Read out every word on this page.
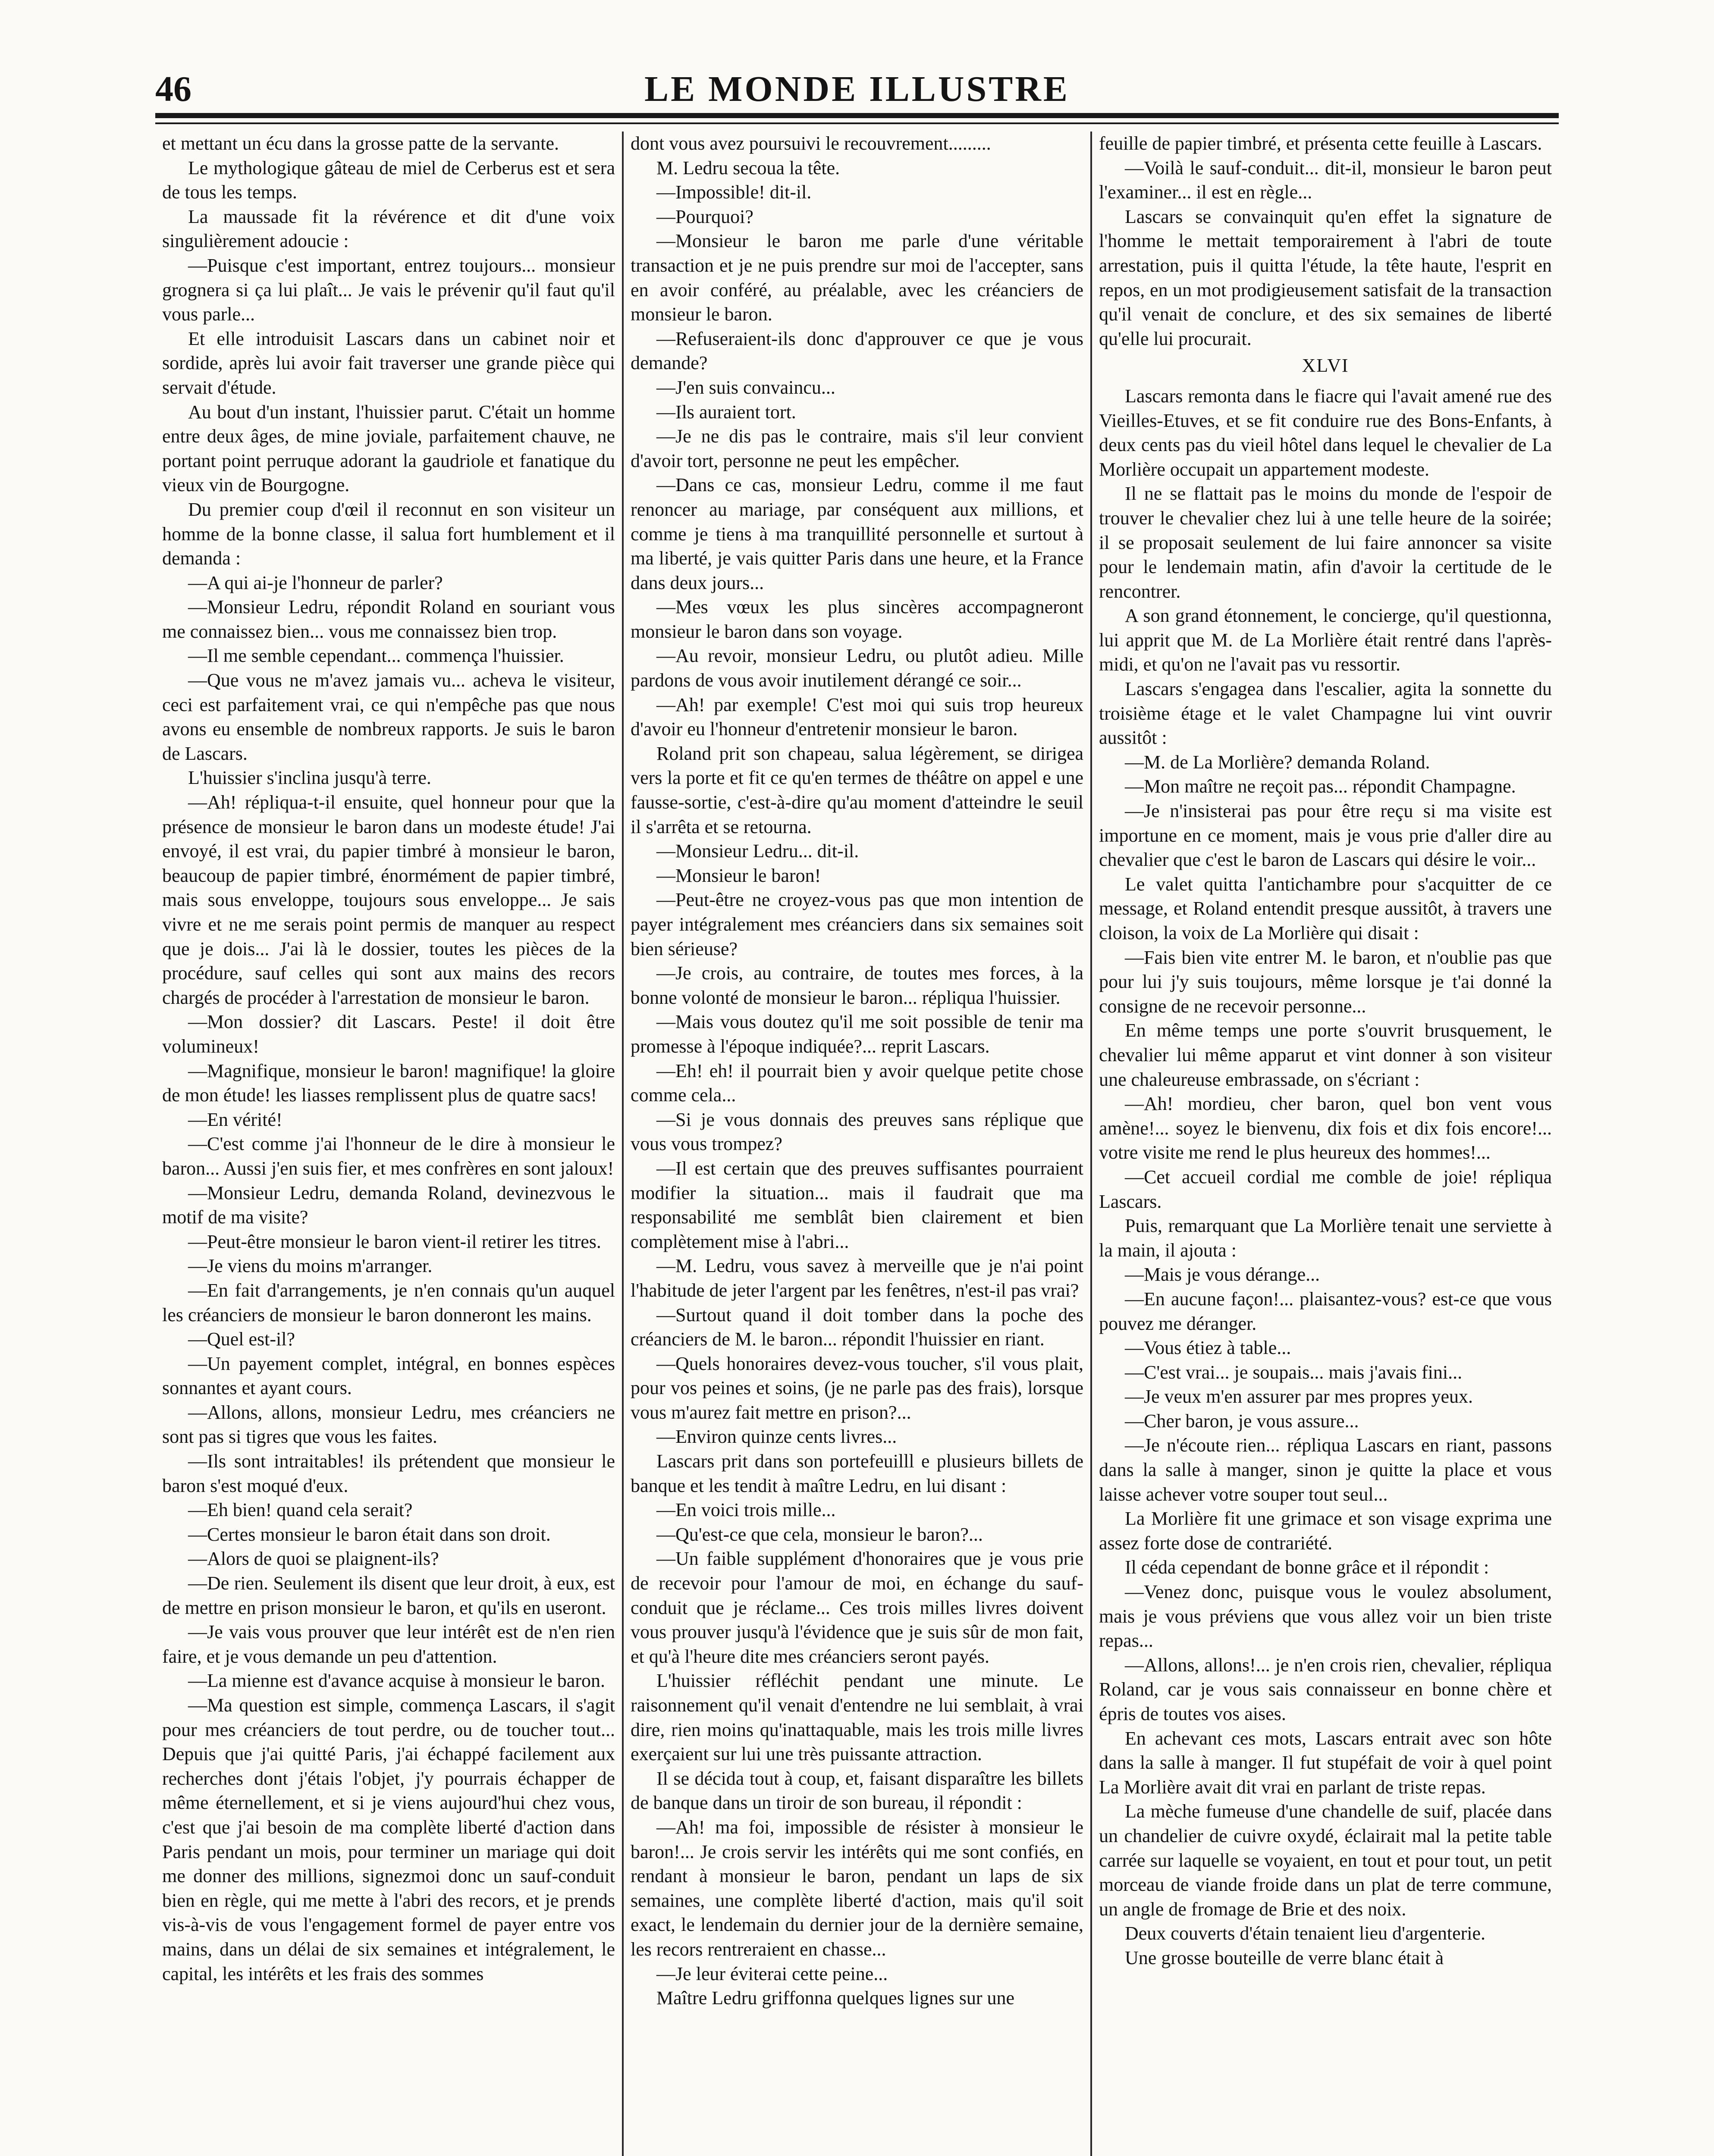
46	LE MONDE ILLUSTRE

et mettant un écu dans la grosse patte de la servante.

Le mythologique gâteau de miel de Cerberus est et sera de tous les temps.

La maussade fit la révérence et dit d'une voix singulièrement adoucie :

—Puisque c'est important, entrez toujours... monsieur grognera si ça lui plaît... Je vais le prévenir qu'il faut qu'il vous parle...

Et elle introduisit Lascars dans un cabinet noir et sordide, après lui avoir fait traverser une grande pièce qui servait d'étude.

Au bout d'un instant, l'huissier parut. C'était un homme entre deux âges, de mine joviale, parfaitement chauve, ne portant point perruque adorant la gaudriole et fanatique du vieux vin de Bourgogne.

Du premier coup d'œil il reconnut en son visiteur un homme de la bonne classe, il salua fort humblement et il demanda :

—A qui ai-je l'honneur de parler?

—Monsieur Ledru, répondit Roland en souriant vous me connaissez bien... vous me connaissez bien trop.

—Il me semble cependant... commença l'huissier.

—Que vous ne m'avez jamais vu... acheva le visiteur, ceci est parfaitement vrai, ce qui n'empêche pas que nous avons eu ensemble de nombreux rapports. Je suis le baron de Lascars.

L'huissier s'inclina jusqu'à terre.

—Ah! répliqua-t-il ensuite, quel honneur pour que la présence de monsieur le baron dans un modeste étude! J'ai envoyé, il est vrai, du papier timbré à monsieur le baron, beaucoup de papier timbré, énormément de papier timbré, mais sous enveloppe, toujours sous enveloppe... Je sais vivre et ne me serais point permis de manquer au respect que je dois... J'ai là le dossier, toutes les pièces de la procédure, sauf celles qui sont aux mains des recors chargés de procéder à l'arrestation de monsieur le baron.

—Mon dossier? dit Lascars. Peste! il doit être volumineux!

—Magnifique, monsieur le baron! magnifique! la gloire de mon étude! les liasses remplissent plus de quatre sacs!

—En vérité!

—C'est comme j'ai l'honneur de le dire à monsieur le baron... Aussi j'en suis fier, et mes confrères en sont jaloux!

—Monsieur Ledru, demanda Roland, devinezvous le motif de ma visite?

—Peut-être monsieur le baron vient-il retirer les titres.

—Je viens du moins m'arranger.

—En fait d'arrangements, je n'en connais qu'un auquel les créanciers de monsieur le baron donneront les mains.

—Quel est-il?

—Un payement complet, intégral, en bonnes espèces sonnantes et ayant cours.

—Allons, allons, monsieur Ledru, mes créanciers ne sont pas si tigres que vous les faites.

—Ils sont intraitables! ils prétendent que monsieur le baron s'est moqué d'eux.

—Eh bien! quand cela serait?

—Certes monsieur le baron était dans son droit.

—Alors de quoi se plaignent-ils?

—De rien. Seulement ils disent que leur droit, à eux, est de mettre en prison monsieur le baron, et qu'ils en useront.

—Je vais vous prouver que leur intérêt est de n'en rien faire, et je vous demande un peu d'attention.

—La mienne est d'avance acquise à monsieur le baron.

—Ma question est simple, commença Lascars, il s'agit pour mes créanciers de tout perdre, ou de toucher tout... Depuis que j'ai quitté Paris, j'ai échappé facilement aux recherches dont j'étais l'objet, j'y pourrais échapper de même éternellement, et si je viens aujourd'hui chez vous, c'est que j'ai besoin de ma complète liberté d'action dans Paris pendant un mois, pour terminer un mariage qui doit me donner des millions, signezmoi donc un sauf-conduit bien en règle, qui me mette à l'abri des recors, et je prends vis-à-vis de vous l'engagement formel de payer entre vos mains, dans un délai de six semaines et intégralement, le capital, les intérêts et les frais des sommes

dont vous avez poursuivi le recouvrement.........

M. Ledru secoua la tête.

—Impossible! dit-il.

—Pourquoi?

—Monsieur le baron me parle d'une véritable transaction et je ne puis prendre sur moi de l'accepter, sans en avoir conféré, au préalable, avec les créanciers de monsieur le baron.

—Refuseraient-ils donc d'approuver ce que je vous demande?

—J'en suis convaincu...

—Ils auraient tort.

—Je ne dis pas le contraire, mais s'il leur convient d'avoir tort, personne ne peut les empêcher.

—Dans ce cas, monsieur Ledru, comme il me faut renoncer au mariage, par conséquent aux millions, et comme je tiens à ma tranquillité personnelle et surtout à ma liberté, je vais quitter Paris dans une heure, et la France dans deux jours...

—Mes vœux les plus sincères accompagneront monsieur le baron dans son voyage.

—Au revoir, monsieur Ledru, ou plutôt adieu. Mille pardons de vous avoir inutilement dérangé ce soir...

—Ah! par exemple! C'est moi qui suis trop heureux d'avoir eu l'honneur d'entretenir monsieur le baron.

Roland prit son chapeau, salua légèrement, se dirigea vers la porte et fit ce qu'en termes de théâtre on appel e une fausse-sortie, c'est-à-dire qu'au moment d'atteindre le seuil il s'arrêta et se retourna.

—Monsieur Ledru... dit-il.

—Monsieur le baron!

—Peut-être ne croyez-vous pas que mon intention de payer intégralement mes créanciers dans six semaines soit bien sérieuse?

—Je crois, au contraire, de toutes mes forces, à la bonne volonté de monsieur le baron... répliqua l'huissier.

—Mais vous doutez qu'il me soit possible de tenir ma promesse à l'époque indiquée?... reprit Lascars.

—Eh! eh! il pourrait bien y avoir quelque petite chose comme cela...

—Si je vous donnais des preuves sans réplique que vous vous trompez?

—Il est certain que des preuves suffisantes pourraient modifier la situation... mais il faudrait que ma responsabilité me semblât bien clairement et bien complètement mise à l'abri...

—M. Ledru, vous savez à merveille que je n'ai point l'habitude de jeter l'argent par les fenêtres, n'est-il pas vrai?

—Surtout quand il doit tomber dans la poche des créanciers de M. le baron... répondit l'huissier en riant.

—Quels honoraires devez-vous toucher, s'il vous plait, pour vos peines et soins, (je ne parle pas des frais), lorsque vous m'aurez fait mettre en prison?...

—Environ quinze cents livres...

Lascars prit dans son portefeuilll e plusieurs billets de banque et les tendit à maître Ledru, en lui disant :

—En voici trois mille...

—Qu'est-ce que cela, monsieur le baron?...

—Un faible supplément d'honoraires que je vous prie de recevoir pour l'amour de moi, en échange du sauf-conduit que je réclame... Ces trois milles livres doivent vous prouver jusqu'à l'évidence que je suis sûr de mon fait, et qu'à l'heure dite mes créanciers seront payés.

L'huissier réfléchit pendant une minute. Le raisonnement qu'il venait d'entendre ne lui semblait, à vrai dire, rien moins qu'inattaquable, mais les trois mille livres exerçaient sur lui une très puissante attraction.

Il se décida tout à coup, et, faisant disparaître les billets de banque dans un tiroir de son bureau, il répondit :

—Ah! ma foi, impossible de résister à monsieur le baron!... Je crois servir les intérêts qui me sont confiés, en rendant à monsieur le baron, pendant un laps de six semaines, une complète liberté d'action, mais qu'il soit exact, le lendemain du dernier jour de la dernière semaine, les recors rentreraient en chasse...

—Je leur éviterai cette peine...

Maître Ledru griffonna quelques lignes sur une

feuille de papier timbré, et présenta cette feuille à Lascars.

—Voilà le sauf-conduit... dit-il, monsieur le baron peut l'examiner... il est en règle...

Lascars se convainquit qu'en effet la signature de l'homme le mettait temporairement à l'abri de toute arrestation, puis il quitta l'étude, la tête haute, l'esprit en repos, en un mot prodigieusement satisfait de la transaction qu'il venait de conclure, et des six semaines de liberté qu'elle lui procurait.

XLVI

Lascars remonta dans le fiacre qui l'avait amené rue des Vieilles-Etuves, et se fit conduire rue des Bons-Enfants, à deux cents pas du vieil hôtel dans lequel le chevalier de La Morlière occupait un appartement modeste.

Il ne se flattait pas le moins du monde de l'espoir de trouver le chevalier chez lui à une telle heure de la soirée; il se proposait seulement de lui faire annoncer sa visite pour le lendemain matin, afin d'avoir la certitude de le rencontrer.

A son grand étonnement, le concierge, qu'il questionna, lui apprit que M. de La Morlière était rentré dans l'après-midi, et qu'on ne l'avait pas vu ressortir.

Lascars s'engagea dans l'escalier, agita la sonnette du troisième étage et le valet Champagne lui vint ouvrir aussitôt :

—M. de La Morlière? demanda Roland.

—Mon maître ne reçoit pas... répondit Champagne.

—Je n'insisterai pas pour être reçu si ma visite est importune en ce moment, mais je vous prie d'aller dire au chevalier que c'est le baron de Lascars qui désire le voir...

Le valet quitta l'antichambre pour s'acquitter de ce message, et Roland entendit presque aussitôt, à travers une cloison, la voix de La Morlière qui disait :

—Fais bien vite entrer M. le baron, et n'oublie pas que pour lui j'y suis toujours, même lorsque je t'ai donné la consigne de ne recevoir personne...

En même temps une porte s'ouvrit brusquement, le chevalier lui même apparut et vint donner à son visiteur une chaleureuse embrassade, on s'écriant :

—Ah! mordieu, cher baron, quel bon vent vous amène!... soyez le bienvenu, dix fois et dix fois encore!... votre visite me rend le plus heureux des hommes!...

—Cet accueil cordial me comble de joie! répliqua Lascars.

Puis, remarquant que La Morlière tenait une serviette à la main, il ajouta :

—Mais je vous dérange...

—En aucune façon!... plaisantez-vous? est-ce que vous pouvez me déranger.

—Vous étiez à table...

—C'est vrai... je soupais... mais j'avais fini...

—Je veux m'en assurer par mes propres yeux.

—Cher baron, je vous assure...

—Je n'écoute rien... répliqua Lascars en riant, passons dans la salle à manger, sinon je quitte la place et vous laisse achever votre souper tout seul...

La Morlière fit une grimace et son visage exprima une assez forte dose de contrariété.

Il céda cependant de bonne grâce et il répondit :

—Venez donc, puisque vous le voulez absolument, mais je vous préviens que vous allez voir un bien triste repas...

—Allons, allons!... je n'en crois rien, chevalier, répliqua Roland, car je vous sais connaisseur en bonne chère et épris de toutes vos aises.

En achevant ces mots, Lascars entrait avec son hôte dans la salle à manger. Il fut stupéfait de voir à quel point La Morlière avait dit vrai en parlant de triste repas.

La mèche fumeuse d'une chandelle de suif, placée dans un chandelier de cuivre oxydé, éclairait mal la petite table carrée sur laquelle se voyaient, en tout et pour tout, un petit morceau de viande froide dans un plat de terre commune, un angle de fromage de Brie et des noix.

Deux couverts d'étain tenaient lieu d'argenterie.

Une grosse bouteille de verre blanc était à
